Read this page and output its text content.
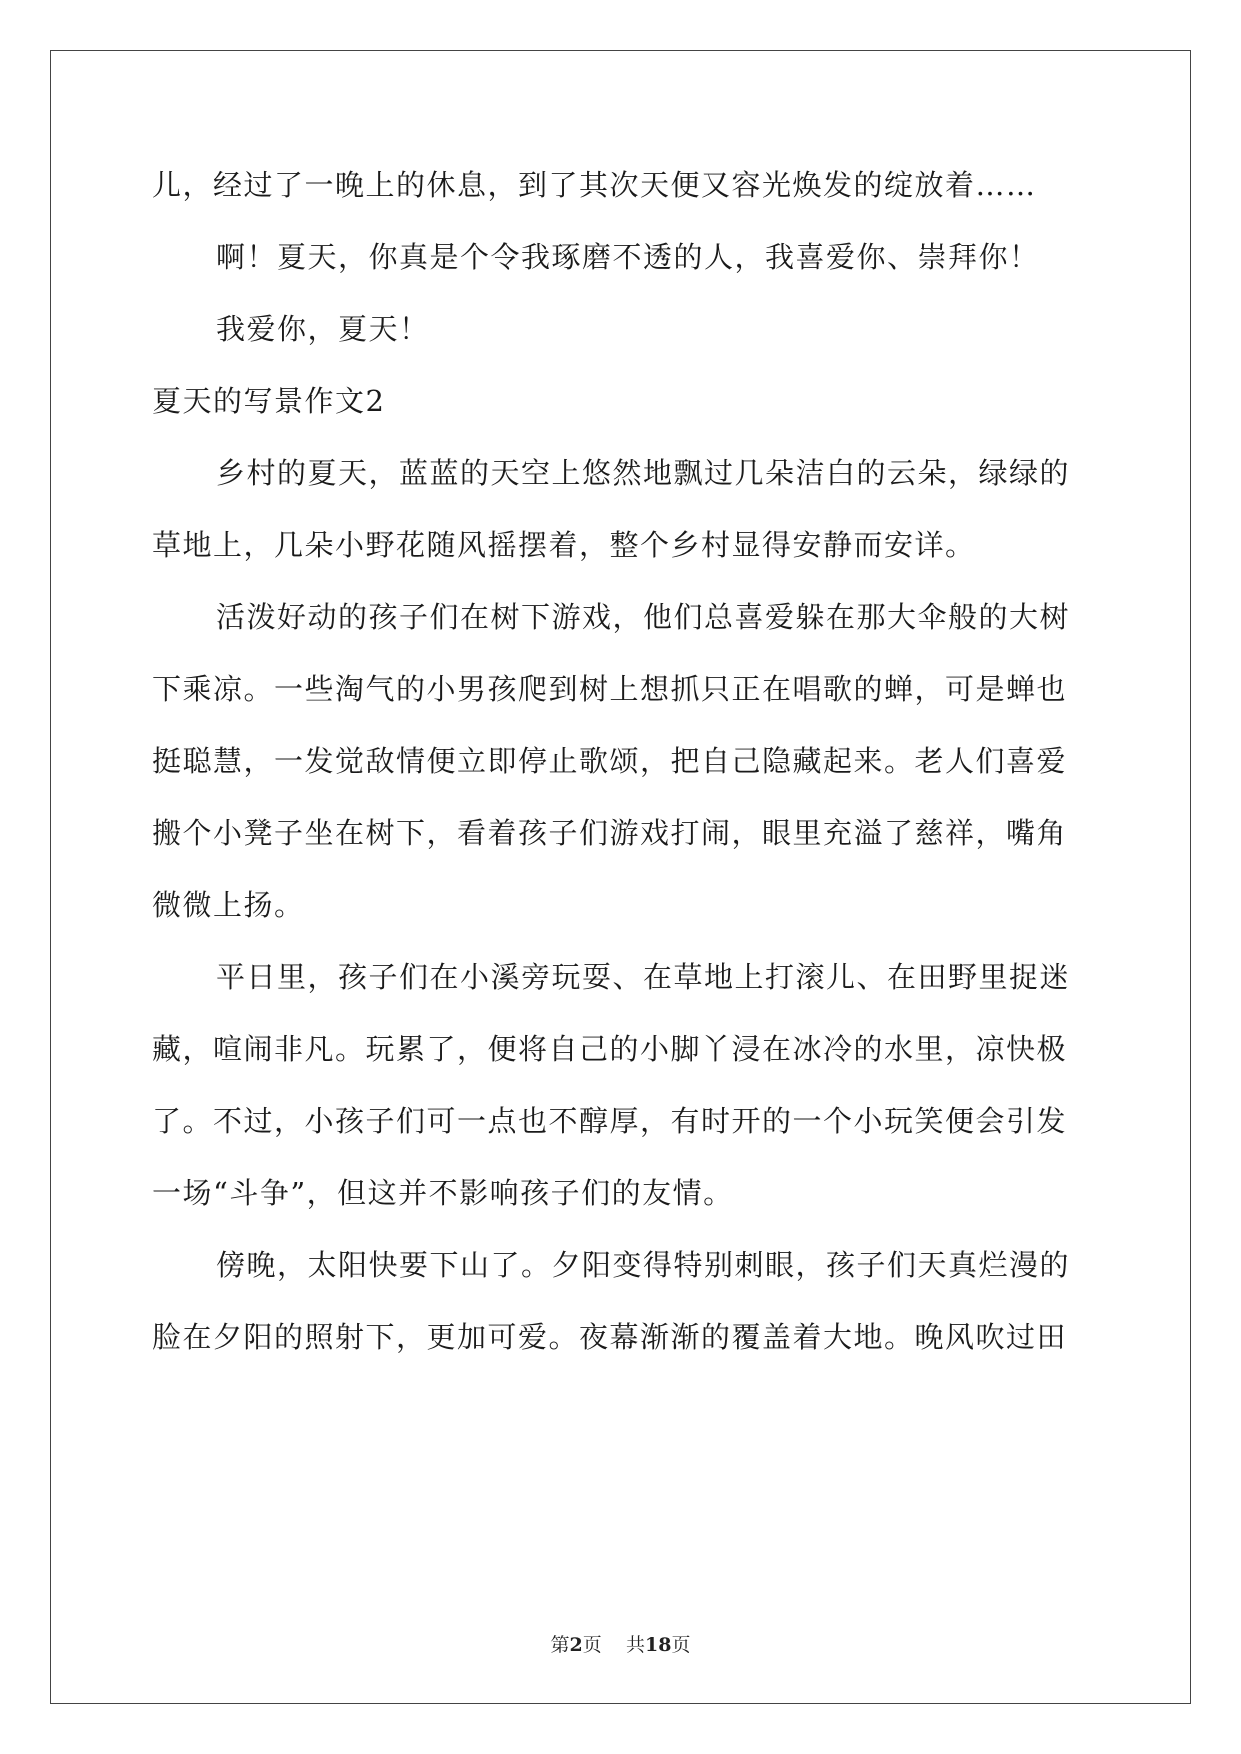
儿，经过了一晚上的休息，到了其次天便又容光焕发的绽放着……
啊！夏天，你真是个令我琢磨不透的人，我喜爱你、崇拜你！
我爱你，夏天！
夏天的写景作文2
乡村的夏天，蓝蓝的天空上悠然地飘过几朵洁白的云朵，绿绿的
草地上，几朵小野花随风摇摆着，整个乡村显得安静而安详。
活泼好动的孩子们在树下游戏，他们总喜爱躲在那大伞般的大树
下乘凉。一些淘气的小男孩爬到树上想抓只正在唱歌的蝉，可是蝉也
挺聪慧，一发觉敌情便立即停止歌颂，把自己隐藏起来。老人们喜爱
搬个小凳子坐在树下，看着孩子们游戏打闹，眼里充溢了慈祥，嘴角
微微上扬。
平日里，孩子们在小溪旁玩耍、在草地上打滚儿、在田野里捉迷
藏，喧闹非凡。玩累了，便将自己的小脚丫浸在冰冷的水里，凉快极
了。不过，小孩子们可一点也不醇厚，有时开的一个小玩笑便会引发
一场“斗争”，但这并不影响孩子们的友情。
傍晚，太阳快要下山了。夕阳变得特别刺眼，孩子们天真烂漫的
脸在夕阳的照射下，更加可爱。夜幕渐渐的覆盖着大地。晚风吹过田
第2页 共18页
